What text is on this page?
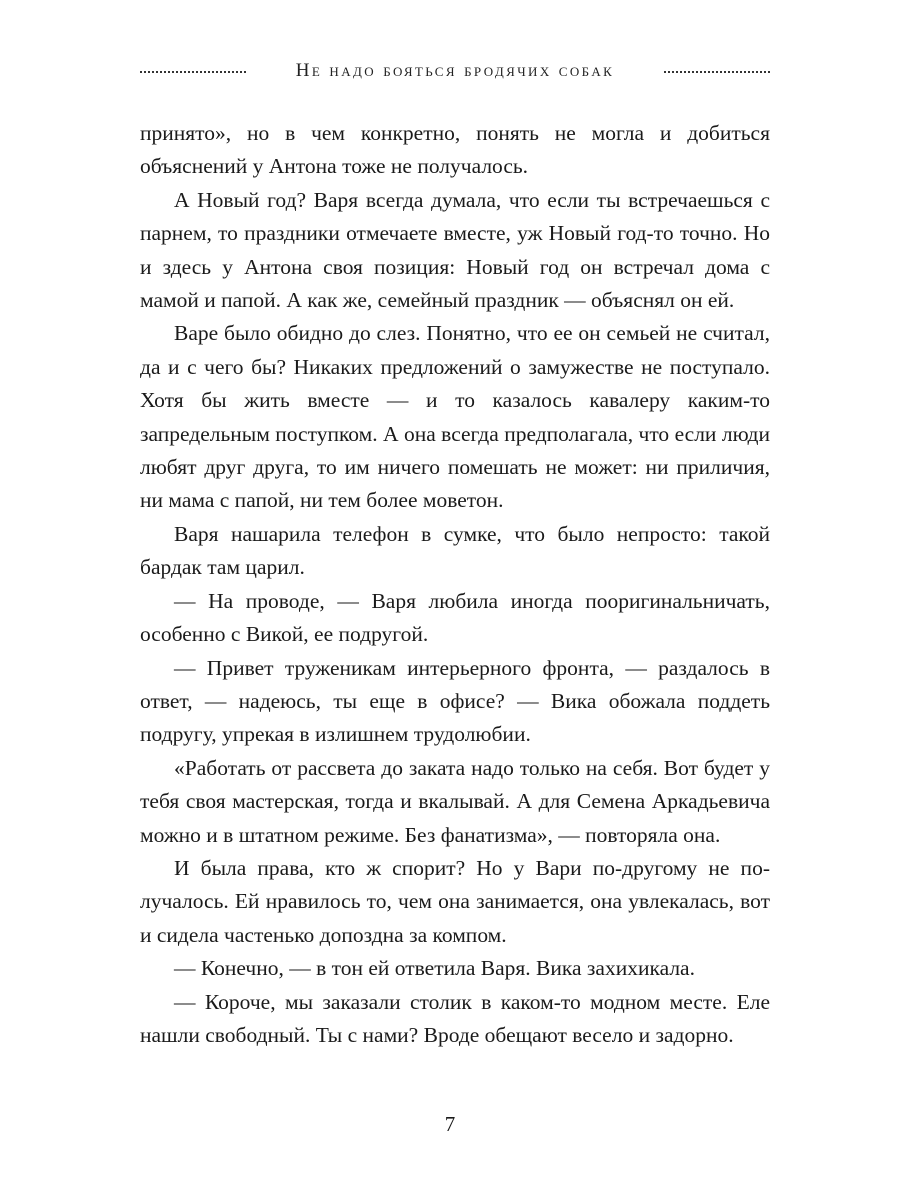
Не надо бояться бродячих собак

принято», но в чем конкретно, понять не могла и добиться объяснений у Антона тоже не получалось.

А Новый год? Варя всегда думала, что если ты встречаешься с парнем, то праздники отмечаете вместе, уж Новый год-то точно. Но и здесь у Антона своя позиция: Новый год он встречал дома с мамой и папой. А как же, семейный праздник — объяснял он ей.

Варе было обидно до слез. Понятно, что ее он семьей не считал, да и с чего бы? Никаких предложений о замужестве не поступало. Хотя бы жить вместе — и то казалось кавалеру каким-то запредельным поступком. А она всегда предполагала, что если люди любят друг друга, то им ничего помешать не может: ни приличия, ни мама с папой, ни тем более моветон.

Варя нашарила телефон в сумке, что было непросто: такой бардак там царил.

— На проводе, — Варя любила иногда пооригинальничать, особенно с Викой, ее подругой.

— Привет труженикам интерьерного фронта, — раздалось в ответ, — надеюсь, ты еще в офисе? — Вика обожала поддеть подругу, упрекая в излишнем трудолюбии.

«Работать от рассвета до заката надо только на себя. Вот будет у тебя своя мастерская, тогда и вкалывай. А для Семена Аркадьевича можно и в штатном режиме. Без фанатизма», — повторяла она.

И была права, кто ж спорит? Но у Вари по-другому не получалось. Ей нравилось то, чем она занимается, она увлекалась, вот и сидела частенько допоздна за компом.

— Конечно, — в тон ей ответила Варя. Вика захихикала.

— Короче, мы заказали столик в каком-то модном месте. Еле нашли свободный. Ты с нами? Вроде обещают весело и задорно.

7
